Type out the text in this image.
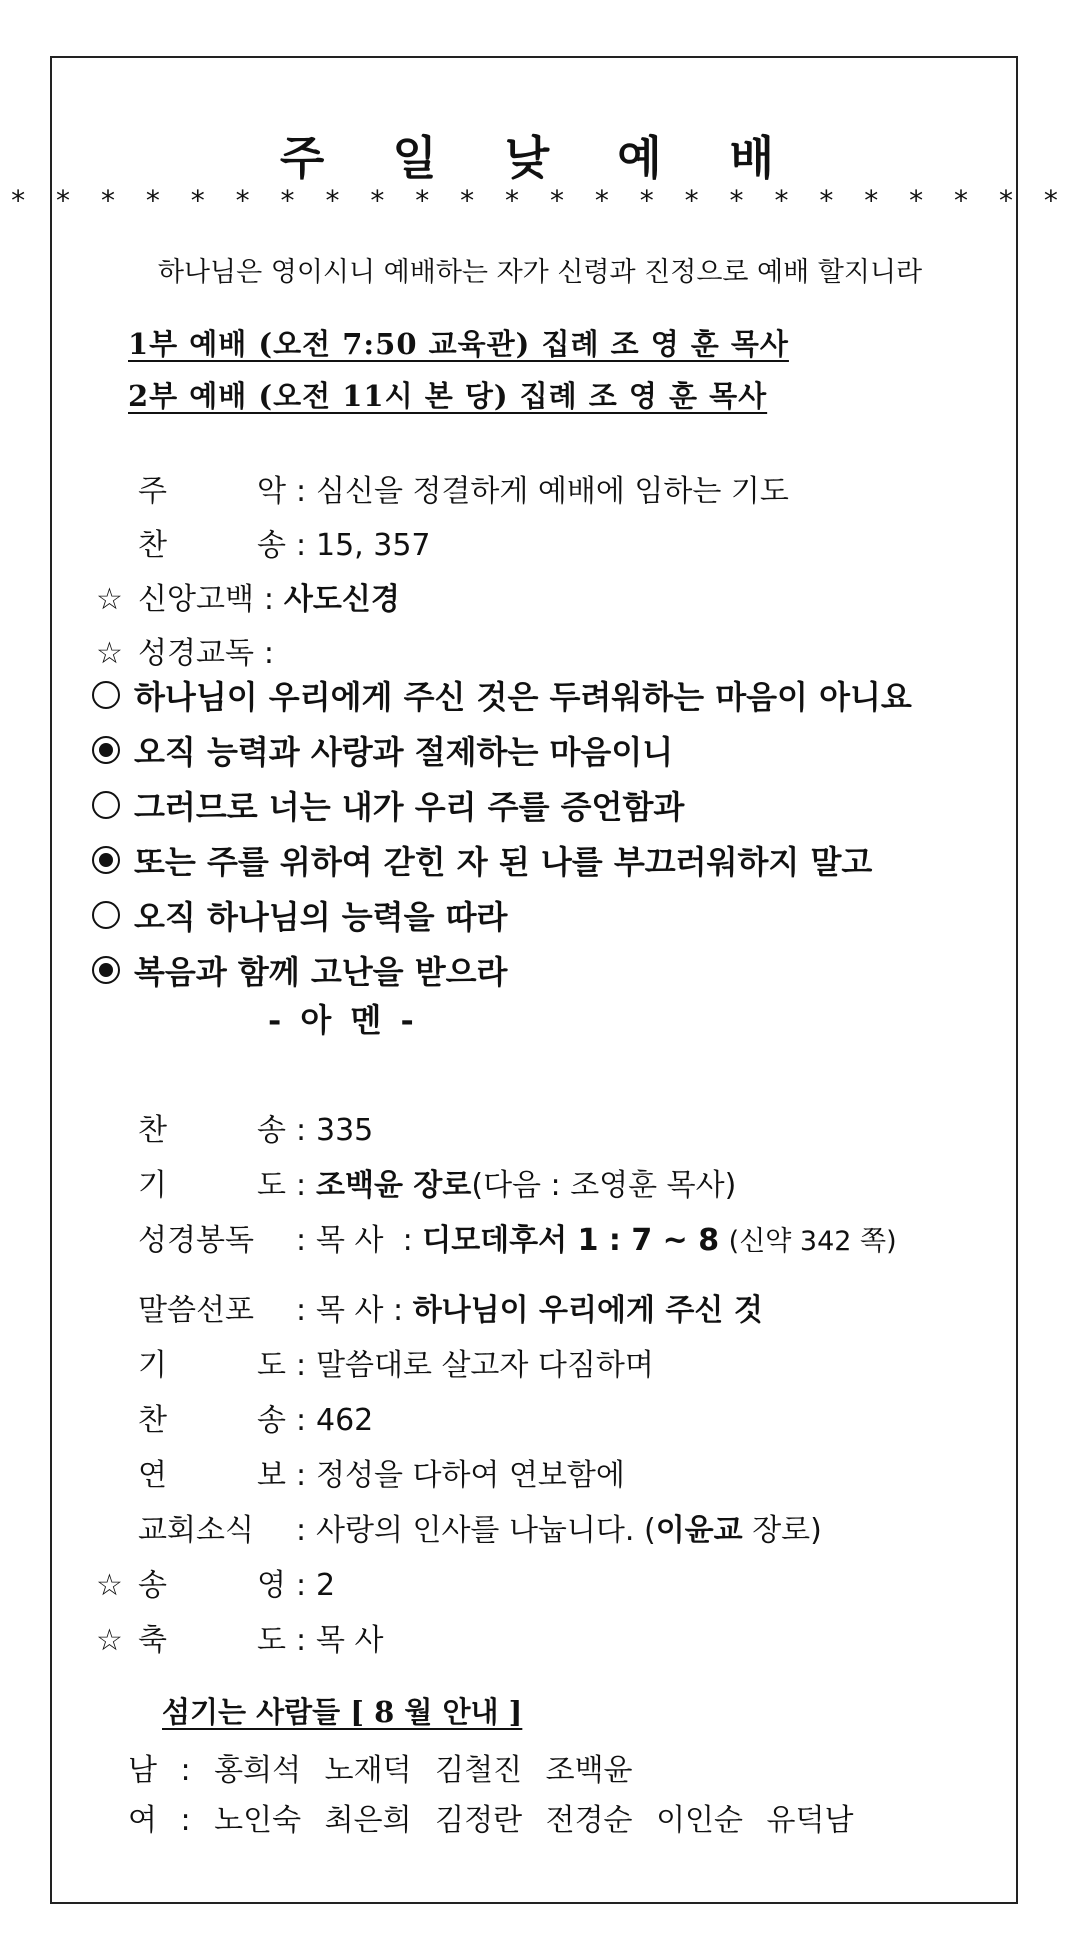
주 일 낮 예 배
* * * * * * * * * * * * * * * * * * * * * * * *
하나님은 영이시니 예배하는 자가 신령과 진정으로 예배 할지니라
1부 예배 (오전 7:50 교육관) 집례 조 영 훈 목사
2부 예배 (오전 11시 본 당) 집례 조 영 훈 목사
주	악 : 심신을 정결하게 예배에 임하는 기도
찬	송 : 15, 357
☆ 신앙고백 : 사도신경
☆ 성경교독 :
하나님이 우리에게 주신 것은 두려워하는 마음이 아니요
오직 능력과 사랑과 절제하는 마음이니
그러므로 너는 내가 우리 주를 증언함과
또는 주를 위하여 갇힌 자 된 나를 부끄러워하지 말고
오직 하나님의 능력을 따라
복음과 함께 고난을 받으라
- 아 멘 -
찬	송 : 335
기	도 : 조백윤 장로(다음 : 조영훈 목사)
성경봉독	: 목 사  : 디모데후서 1 : 7 ~ 8 (신약 342 쪽)
말씀선포	: 목 사 : 하나님이 우리에게 주신 것
기	도 : 말씀대로 살고자 다짐하며
찬	송 : 462
연	보 : 정성을 다하여 연보함에
교회소식	: 사랑의 인사를 나눕니다. (이윤교 장로)
☆ 송	영 : 2
☆ 축	도 : 목 사
섬기는 사람들 [ 8 월 안내 ]
남 : 홍희석 노재덕 김철진 조백윤
여 : 노인숙 최은희 김정란 전경순 이인순 유덕남
